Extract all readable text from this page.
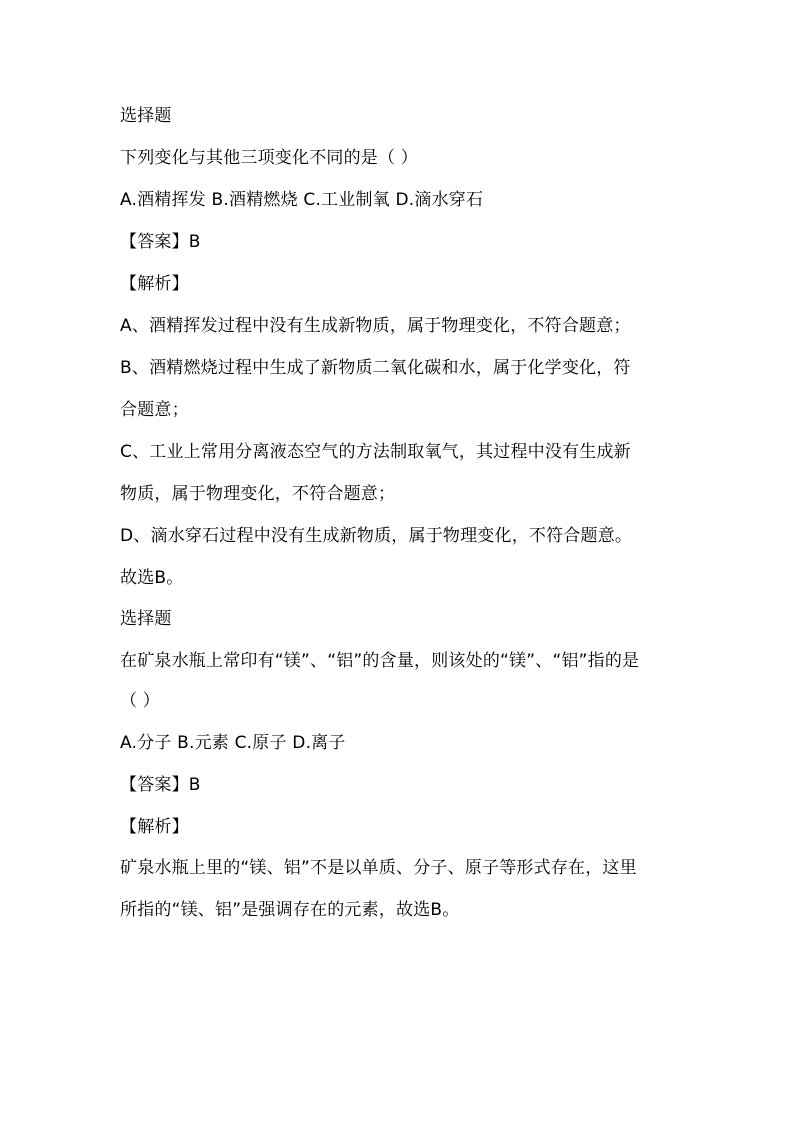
选择题
下列变化与其他三项变化不同的是（ ）
A.酒精挥发 B.酒精燃烧 C.工业制氧 D.滴水穿石
【答案】B
【解析】
A、酒精挥发过程中没有生成新物质，属于物理变化，不符合题意；
B、酒精燃烧过程中生成了新物质二氧化碳和水，属于化学变化，符
合题意；
C、工业上常用分离液态空气的方法制取氧气，其过程中没有生成新
物质，属于物理变化，不符合题意；
D、滴水穿石过程中没有生成新物质，属于物理变化，不符合题意。
故选B。
选择题
在矿泉水瓶上常印有“镁”、“铝”的含量，则该处的“镁”、“铝”指的是
（ ）
A.分子 B.元素 C.原子 D.离子
【答案】B
【解析】
矿泉水瓶上里的“镁、铝”不是以单质、分子、原子等形式存在，这里
所指的“镁、铝”是强调存在的元素，故选B。
